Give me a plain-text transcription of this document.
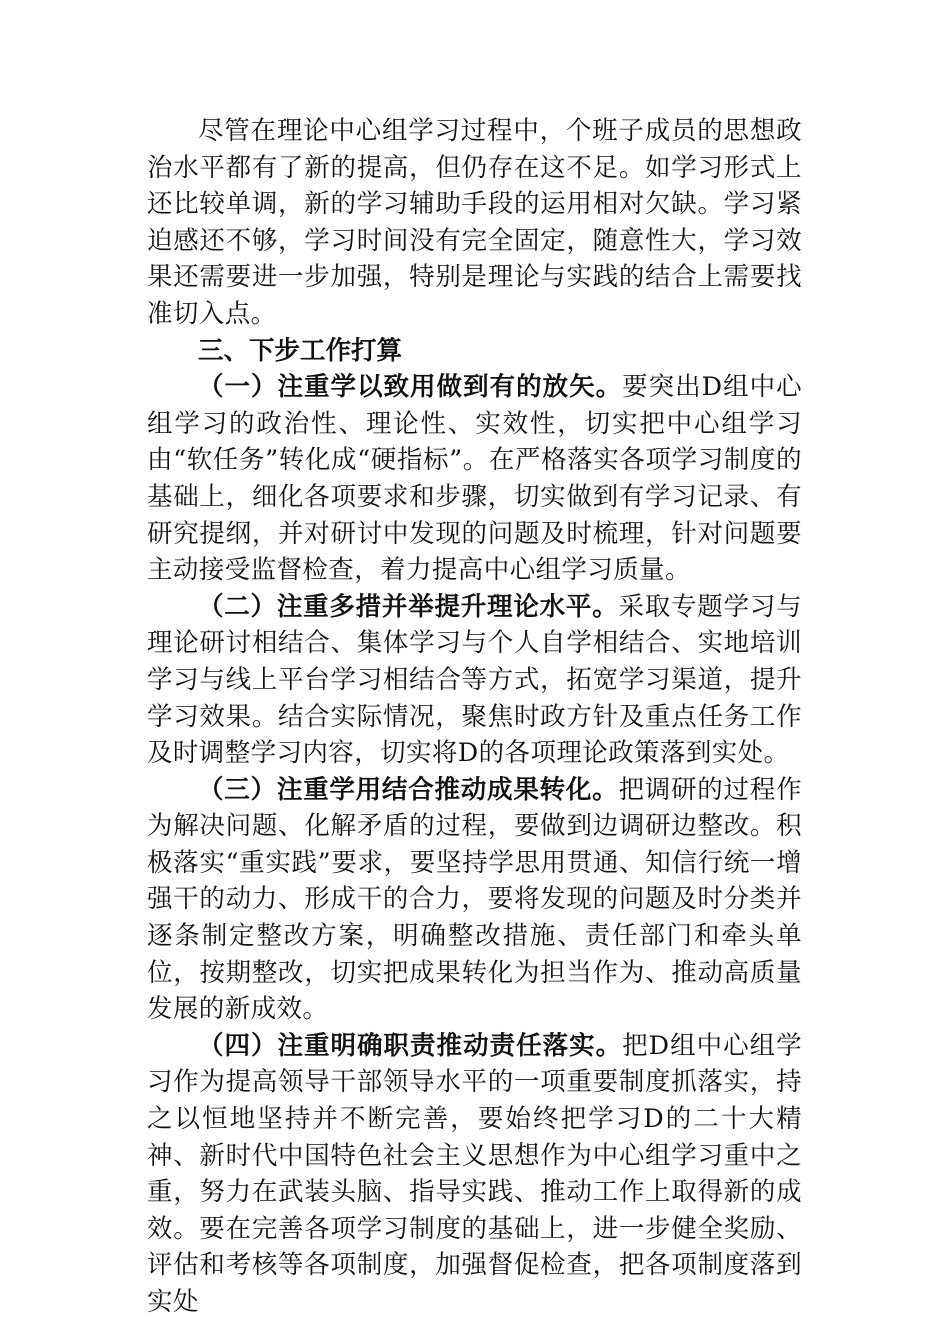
尽管在理论中心组学习过程中，个班子成员的思想政治水平都有了新的提高，但仍存在这不足。如学习形式上还比较单调，新的学习辅助手段的运用相对欠缺。学习紧迫感还不够，学习时间没有完全固定，随意性大，学习效果还需要进一步加强，特别是理论与实践的结合上需要找准切入点。

三、下步工作打算

（一）注重学以致用做到有的放矢。要突出D组中心组学习的政治性、理论性、实效性，切实把中心组学习由“软任务”转化成“硬指标”。在严格落实各项学习制度的基础上，细化各项要求和步骤，切实做到有学习记录、有研究提纲，并对研讨中发现的问题及时梳理，针对问题要主动接受监督检查，着力提高中心组学习质量。

（二）注重多措并举提升理论水平。采取专题学习与理论研讨相结合、集体学习与个人自学相结合、实地培训学习与线上平台学习相结合等方式，拓宽学习渠道，提升学习效果。结合实际情况，聚焦时政方针及重点任务工作及时调整学习内容，切实将D的各项理论政策落到实处。

（三）注重学用结合推动成果转化。把调研的过程作为解决问题、化解矛盾的过程，要做到边调研边整改。积极落实“重实践”要求，要坚持学思用贯通、知信行统一增强干的动力、形成干的合力，要将发现的问题及时分类并逐条制定整改方案，明确整改措施、责任部门和牵头单位，按期整改，切实把成果转化为担当作为、推动高质量发展的新成效。

（四）注重明确职责推动责任落实。把D组中心组学习作为提高领导干部领导水平的一项重要制度抓落实，持之以恒地坚持并不断完善，要始终把学习D的二十大精神、新时代中国特色社会主义思想作为中心组学习重中之重，努力在武装头脑、指导实践、推动工作上取得新的成效。要在完善各项学习制度的基础上，进一步健全奖励、评估和考核等各项制度，加强督促检查，把各项制度落到实处
